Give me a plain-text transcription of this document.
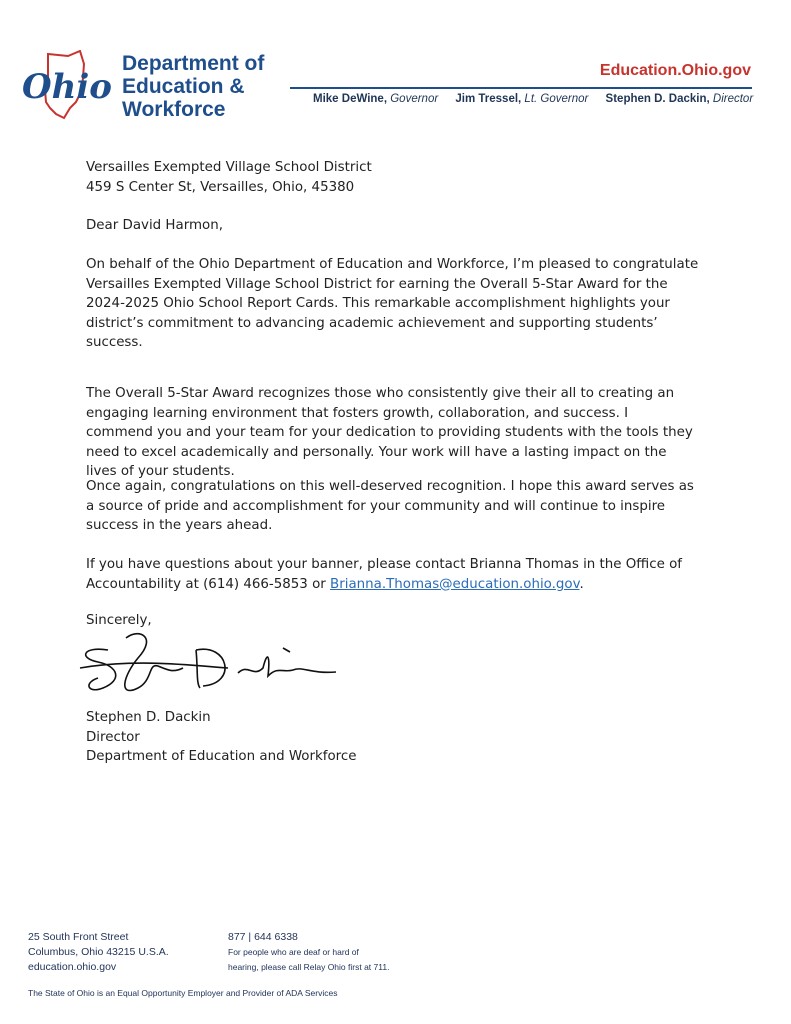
Ohio
Department of
Education &
Workforce
Education.Ohio.gov
Mike DeWine, Governor Jim Tressel, Lt. Governor Stephen D. Dackin, Director
Versailles Exempted Village School District
459 S Center St, Versailles, Ohio, 45380
Dear David Harmon,
On behalf of the Ohio Department of Education and Workforce, I’m pleased to congratulate
Versailles Exempted Village School District for earning the Overall 5-Star Award for the
2024-2025 Ohio School Report Cards. This remarkable accomplishment highlights your
district’s commitment to advancing academic achievement and supporting students’
success.
The Overall 5-Star Award recognizes those who consistently give their all to creating an
engaging learning environment that fosters growth, collaboration, and success. I
commend you and your team for your dedication to providing students with the tools they
need to excel academically and personally. Your work will have a lasting impact on the
lives of your students.
Once again, congratulations on this well-deserved recognition. I hope this award serves as
a source of pride and accomplishment for your community and will continue to inspire
success in the years ahead.
If you have questions about your banner, please contact Brianna Thomas in the Office of
Accountability at (614) 466-5853 or Brianna.Thomas@education.ohio.gov.
Sincerely,
Stephen D. Dackin
Director
Department of Education and Workforce
25 South Front Street
Columbus, Ohio 43215 U.S.A.
education.ohio.gov
877 | 644 6338
For people who are deaf or hard of
hearing, please call Relay Ohio first at 711.
The State of Ohio is an Equal Opportunity Employer and Provider of ADA Services
